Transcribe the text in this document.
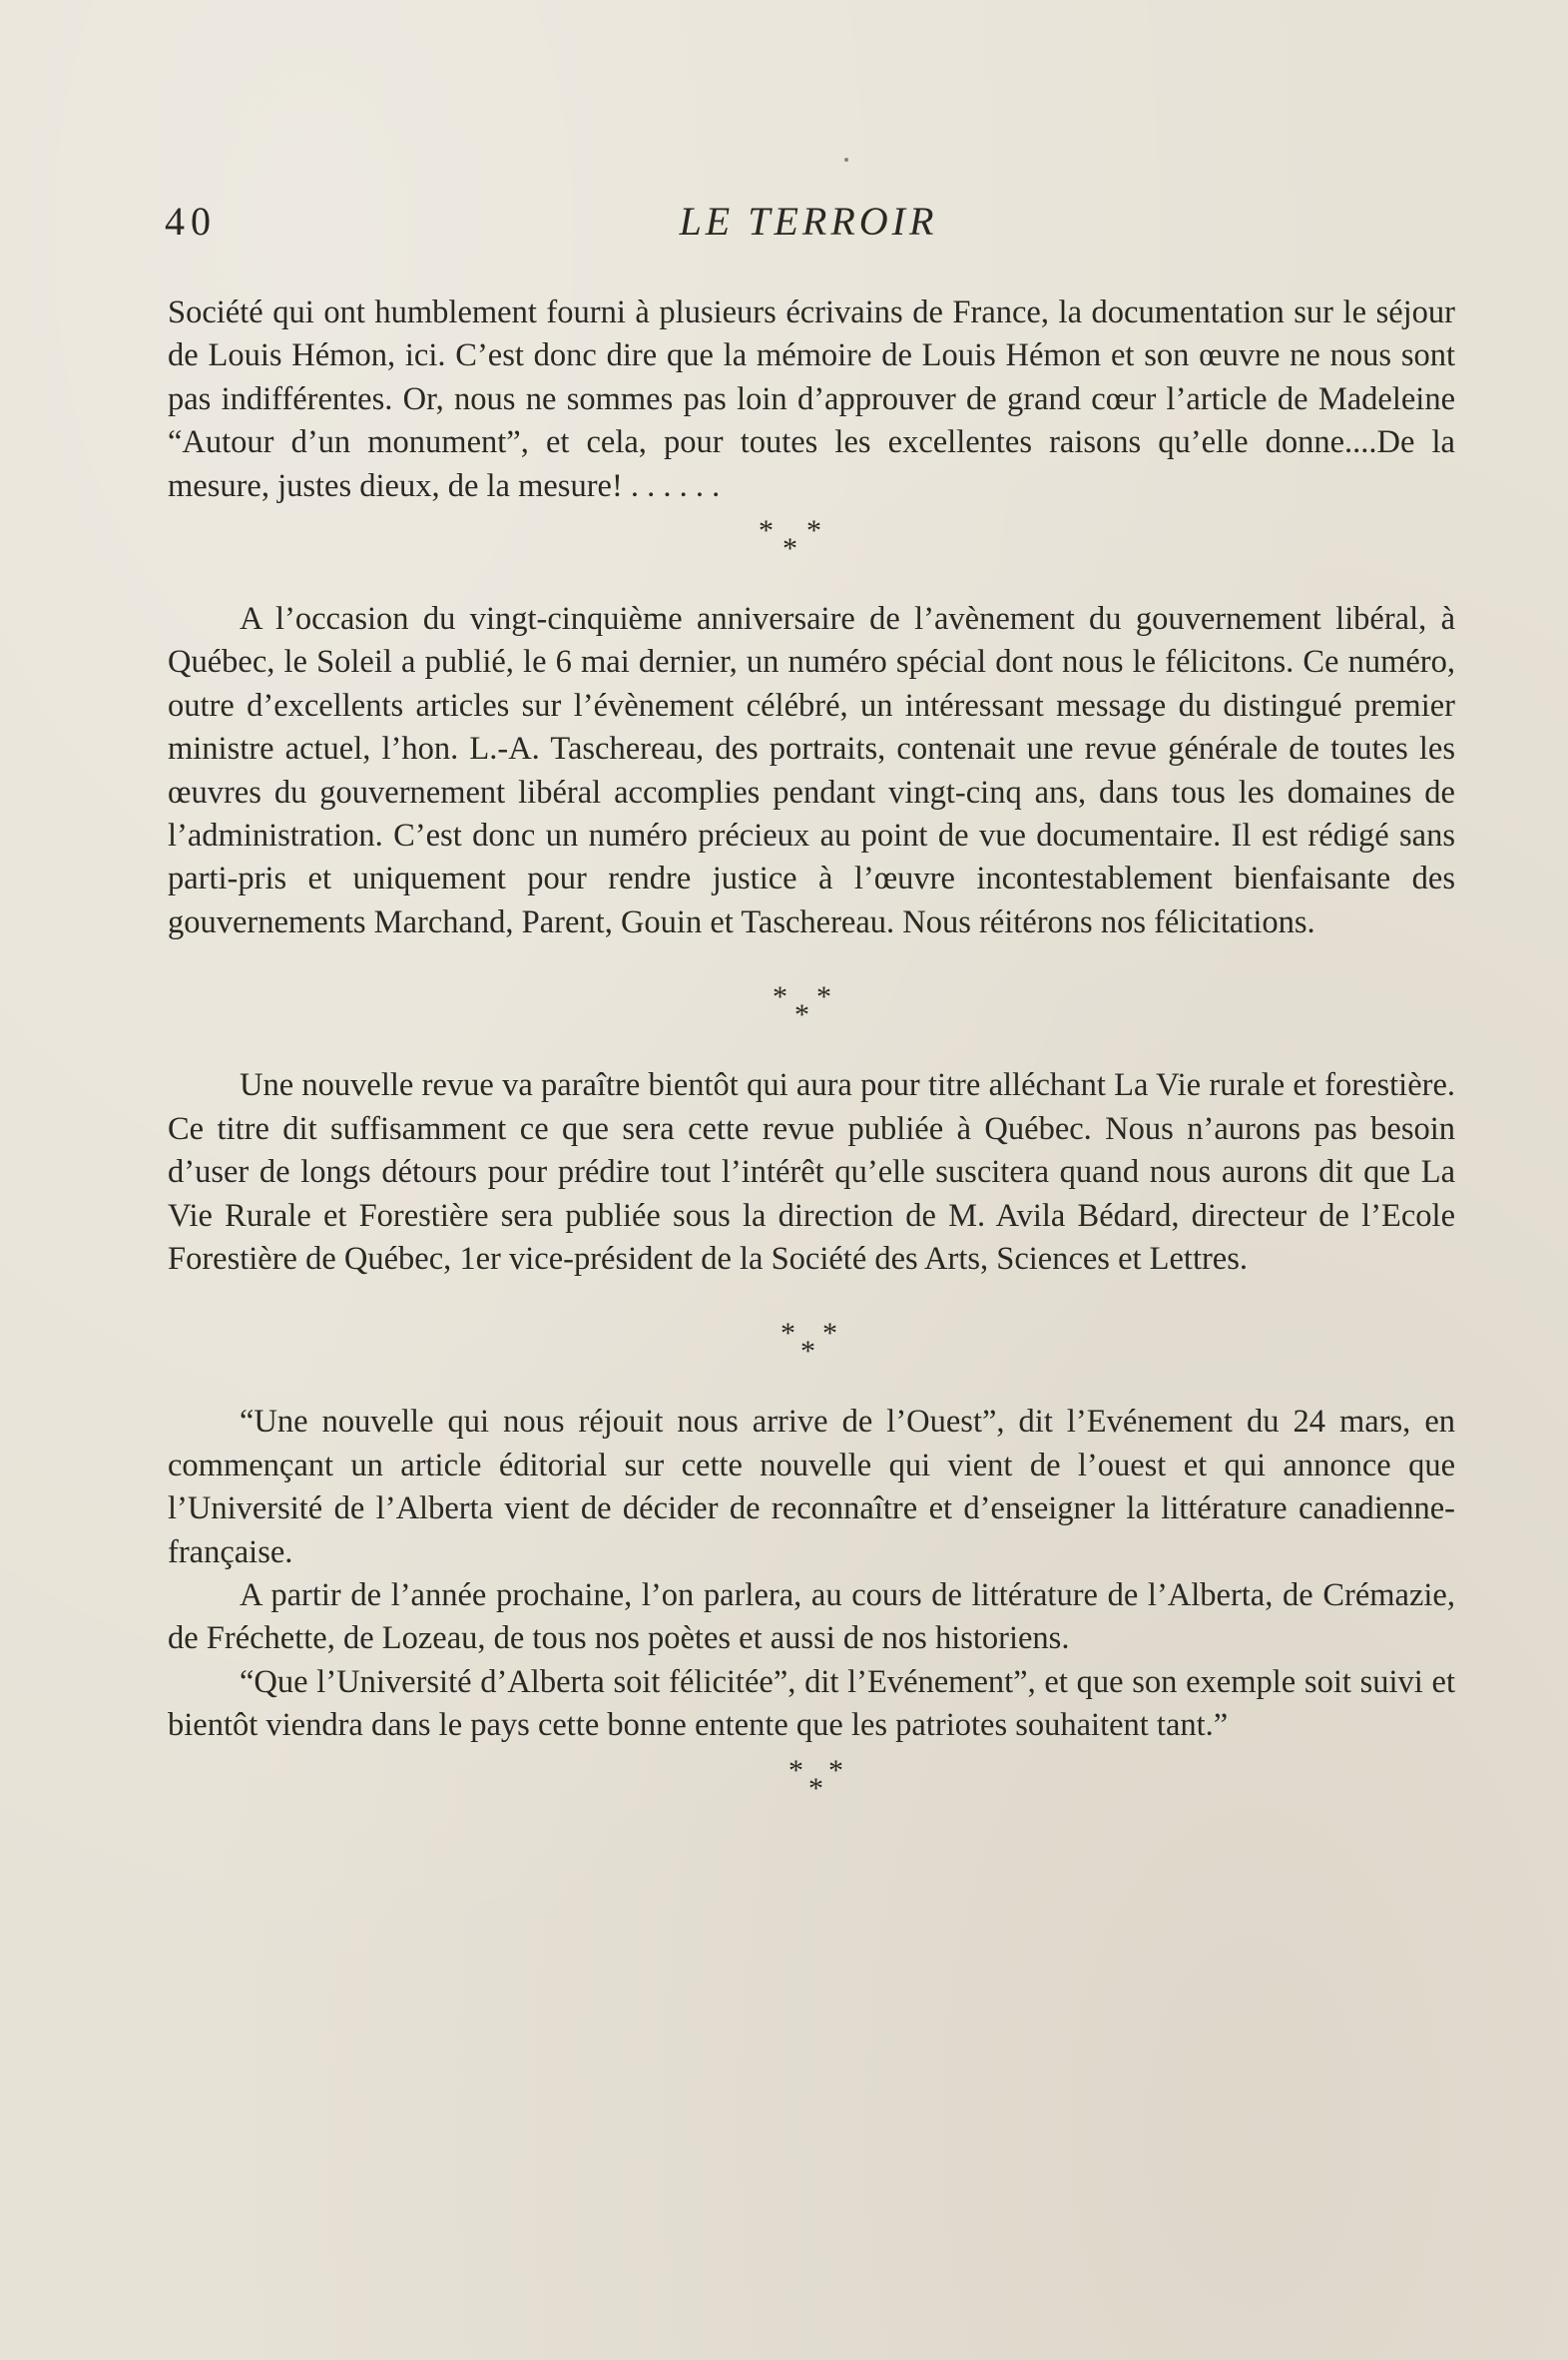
40	LE TERROIR

Société qui ont humblement fourni à plusieurs écrivains de France, la documentation sur le séjour de Louis Hémon, ici. C’est donc dire que la mémoire de Louis Hémon et son œuvre ne nous sont pas indifférentes. Or, nous ne sommes pas loin d’approuver de grand cœur l’article de Madeleine “Autour d’un monument”, et cela, pour toutes les excellentes raisons qu’elle donne....De la mesure, justes dieux, de la mesure! . . . . . .

* *
*

A l’occasion du vingt-cinquième anniversaire de l’avènement du gouvernement libéral, à Québec, le Soleil a publié, le 6 mai dernier, un numéro spécial dont nous le félicitons. Ce numéro, outre d’excellents articles sur l’évènement célébré, un intéressant message du distingué premier ministre actuel, l’hon. L.-A. Taschereau, des portraits, contenait une revue générale de toutes les œuvres du gouvernement libéral accomplies pendant vingt-cinq ans, dans tous les domaines de l’administration. C’est donc un numéro précieux au point de vue documentaire. Il est rédigé sans parti-pris et uniquement pour rendre justice à l’œuvre incontestablement bienfaisante des gouvernements Marchand, Parent, Gouin et Taschereau. Nous réitérons nos félicitations.

* *
*

Une nouvelle revue va paraître bientôt qui aura pour titre alléchant La Vie rurale et forestière. Ce titre dit suffisamment ce que sera cette revue publiée à Québec. Nous n’aurons pas besoin d’user de longs détours pour prédire tout l’intérêt qu’elle suscitera quand nous aurons dit que La Vie Rurale et Forestière sera publiée sous la direction de M. Avila Bédard, directeur de l’Ecole Forestière de Québec, 1er vice-président de la Société des Arts, Sciences et Lettres.

* *
*

“Une nouvelle qui nous réjouit nous arrive de l’Ouest”, dit l’Evénement du 24 mars, en commençant un article éditorial sur cette nouvelle qui vient de l’ouest et qui annonce que l’Université de l’Alberta vient de décider de reconnaître et d’enseigner la littérature canadienne-française.

A partir de l’année prochaine, l’on parlera, au cours de littérature de l’Alberta, de Crémazie, de Fréchette, de Lozeau, de tous nos poètes et aussi de nos historiens.

“Que l’Université d’Alberta soit félicitée”, dit l’Evénement”, et que son exemple soit suivi et bientôt viendra dans le pays cette bonne entente que les patriotes souhaitent tant.”

* *
*
